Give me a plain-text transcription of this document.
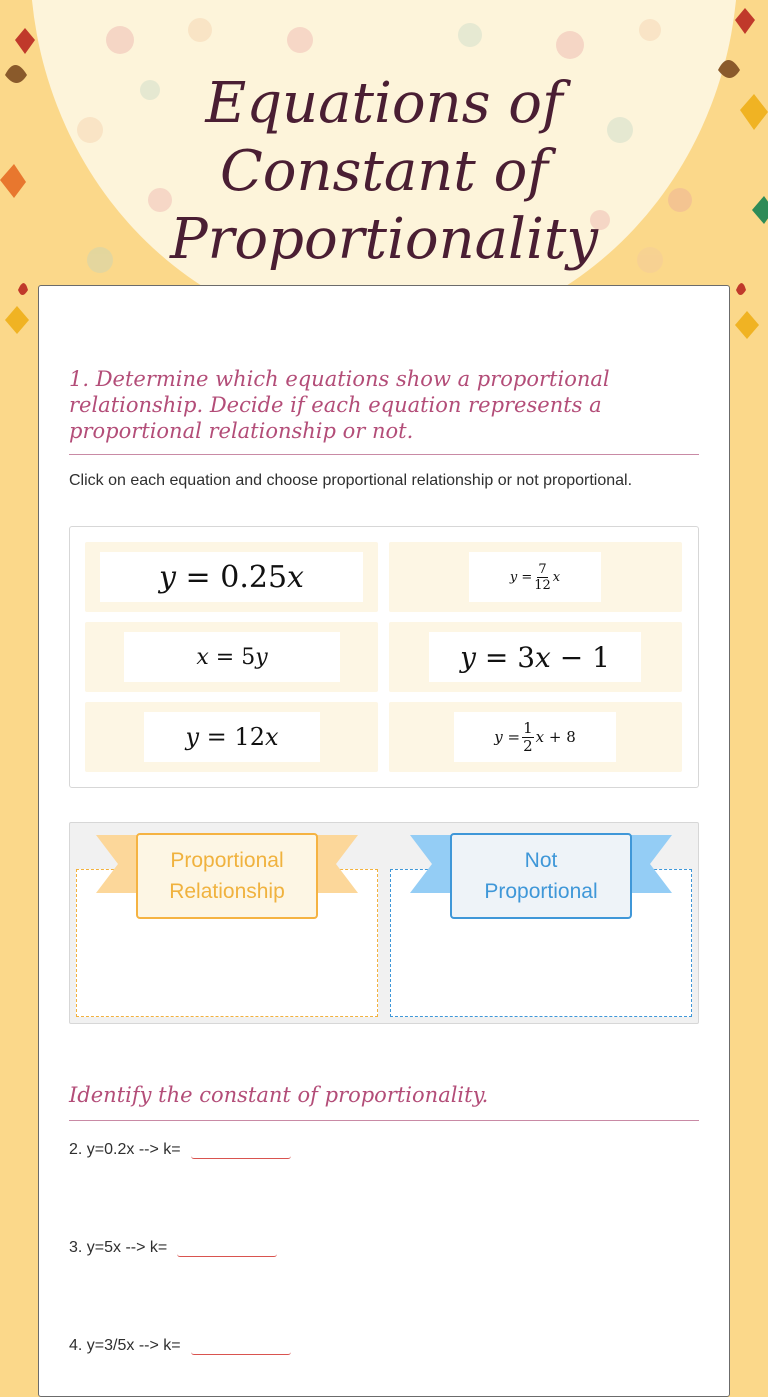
Equations of
Constant of
Proportionality
1. Determine which equations show a proportional relationship. Decide if each equation represents a proportional relationship or not.
Click on each equation and choose proportional relationship or not proportional.
y
=
0.25 x	y
= $\frac{7}{12}$ x
x
=
5 y	y
=
3 x
− 1
y
=
12 x	y
= $\frac{1}{2}$ x
+ 8
Proportional
Relationship
Not
Proportional
Identify the constant of proportionality.
2. y=0.2x --> k=
3. y=5x --> k=
4. y=3/5x --> k=
